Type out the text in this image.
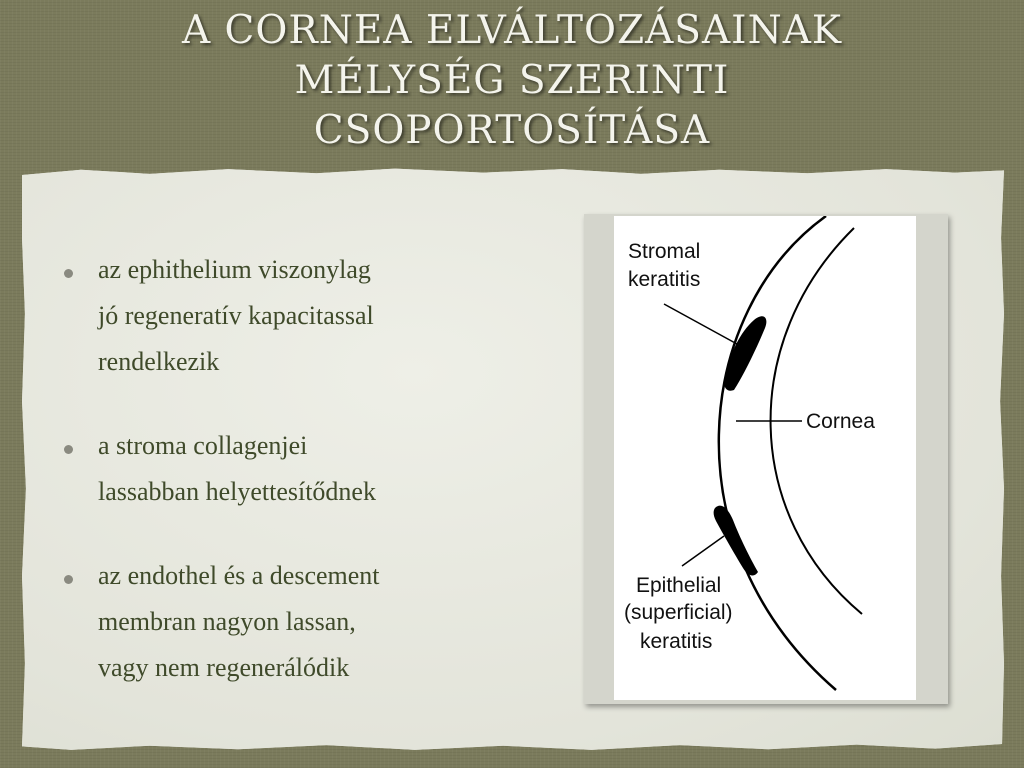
A CORNEA ELVÁLTOZÁSAINAK
MÉLYSÉG SZERINTI
CSOPORTOSÍTÁSA
az ephithelium viszonylag
jó regeneratív kapacitassal
rendelkezik
a stroma collagenjei
lassabban helyettesítődnek
az endothel és a descement
membran nagyon lassan,
vagy nem regenerálódik
Stromal
keratitis
Cornea
Epithelial
(superficial)
keratitis
